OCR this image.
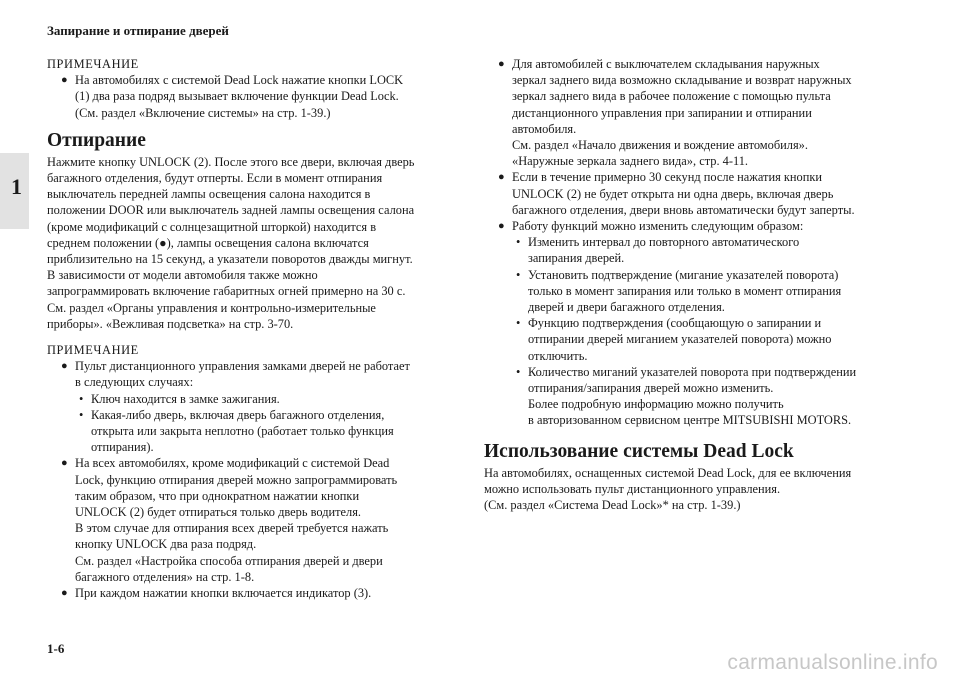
Запирание и отпирание дверей
1
ПРИМЕЧАНИЕ
● На автомобилях с системой Dead Lock нажатие кнопки LOCK
(1) два раза подряд вызывает включение функции Dead Lock.
(См. раздел «Включение системы» на стр. 1-39.)
Отпирание
Нажмите кнопку UNLOCK (2). После этого все двери, включая дверь
багажного отделения, будут отперты. Если в момент отпирания
выключатель передней лампы освещения салона находится в
положении DOOR или выключатель задней лампы освещения салона
(кроме модификаций с солнцезащитной шторкой) находится в
среднем положении (●), лампы освещения салона включатся
приблизительно на 15 секунд, а указатели поворотов дважды мигнут.
В зависимости от модели автомобиля также можно
запрограммировать включение габаритных огней примерно на 30 с.
См. раздел «Органы управления и контрольно-измерительные
приборы». «Вежливая подсветка» на стр. 3-70.
ПРИМЕЧАНИЕ
● Пульт дистанционного управления замками дверей не работает
в следующих случаях:
• Ключ находится в замке зажигания.
• Какая-либо дверь, включая дверь багажного отделения,
открыта или закрыта неплотно (работает только функция
отпирания).
● На всех автомобилях, кроме модификаций с системой Dead
Lock, функцию отпирания дверей можно запрограммировать
таким образом, что при однократном нажатии кнопки
UNLOCK (2) будет отпираться только дверь водителя.
В этом случае для отпирания всех дверей требуется нажать
кнопку UNLOCK два раза подряд.
См. раздел «Настройка способа отпирания дверей и двери
багажного отделения» на стр. 1-8.
● При каждом нажатии кнопки включается индикатор (3).
● Для автомобилей с выключателем складывания наружных
зеркал заднего вида возможно складывание и возврат наружных
зеркал заднего вида в рабочее положение с помощью пульта
дистанционного управления при запирании и отпирании
автомобиля.
См. раздел «Начало движения и вождение автомобиля».
«Наружные зеркала заднего вида», стр. 4-11.
● Если в течение примерно 30 секунд после нажатия кнопки
UNLOCK (2) не будет открыта ни одна дверь, включая дверь
багажного отделения, двери вновь автоматически будут заперты.
● Работу функций можно изменить следующим образом:
• Изменить интервал до повторного автоматического
запирания дверей.
• Установить подтверждение (мигание указателей поворота)
только в момент запирания или только в момент отпирания
дверей и двери багажного отделения.
• Функцию подтверждения (сообщающую о запирании и
отпирании дверей миганием указателей поворота) можно
отключить.
• Количество миганий указателей поворота при подтверждении
отпирания/запирания дверей можно изменить.
Более подробную информацию можно получить
в авторизованном сервисном центре MITSUBISHI MOTORS.
Использование системы Dead Lock
На автомобилях, оснащенных системой Dead Lock, для ее включения
можно использовать пульт дистанционного управления.
(См. раздел «Система Dead Lock»* на стр. 1-39.)
1-6
carmanualsonline.info
